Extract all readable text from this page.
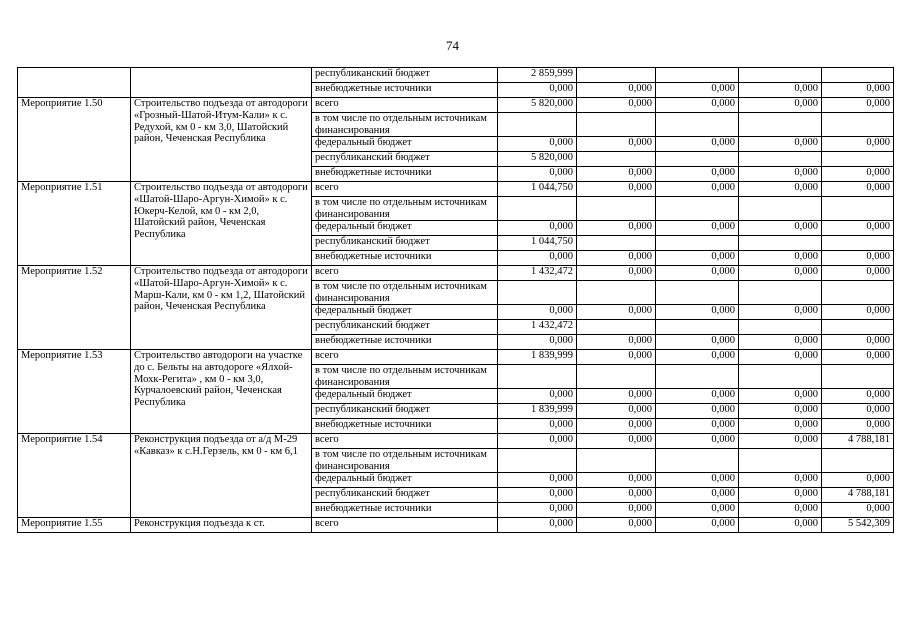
74
		республиканский бюджет	2 859,999				
		внебюджетные источники	0,000	0,000	0,000	0,000	0,000
Мероприятие 1.50	Строительство подъезда от автодороги «Грозный-Шатой-Итум-Кали» к с. Редухой, км 0 - км 3,0, Шатойский район, Чеченская Республика	всего	5 820,000	0,000	0,000	0,000	0,000
		в том числе по отдельным источникам финансирования					
		федеральный бюджет	0,000	0,000	0,000	0,000	0,000
		республиканский бюджет	5 820,000				
		внебюджетные источники	0,000	0,000	0,000	0,000	0,000
Мероприятие 1.51	Строительство подъезда от автодороги «Шатой-Шаро-Аргун-Химой» к с. Юкерч-Келой, км 0 - км 2,0, Шатойский район, Чеченская Республика	всего	1 044,750	0,000	0,000	0,000	0,000
		в том числе по отдельным источникам финансирования					
		федеральный бюджет	0,000	0,000	0,000	0,000	0,000
		республиканский бюджет	1 044,750				
		внебюджетные источники	0,000	0,000	0,000	0,000	0,000
Мероприятие 1.52	Строительство подъезда от автодороги «Шатой-Шаро-Аргун-Химой» к с. Марш-Кали, км 0 - км 1,2, Шатойский район, Чеченская Республика	всего	1 432,472	0,000	0,000	0,000	0,000
		в том числе по отдельным источникам финансирования					
		федеральный бюджет	0,000	0,000	0,000	0,000	0,000
		республиканский бюджет	1 432,472				
		внебюджетные источники	0,000	0,000	0,000	0,000	0,000
Мероприятие 1.53	Строительство автодороги на участке до с. Бельты на автодороге «Ялхой-Мохк-Регита» , км 0 - км 3,0, Курчалоевский район, Чеченская Республика	всего	1 839,999	0,000	0,000	0,000	0,000
		в том числе по отдельным источникам финансирования					
		федеральный бюджет	0,000	0,000	0,000	0,000	0,000
		республиканский бюджет	1 839,999	0,000	0,000	0,000	0,000
		внебюджетные источники	0,000	0,000	0,000	0,000	0,000
Мероприятие 1.54	Реконструкция подъезда от а/д М-29 «Кавказ» к с.Н.Герзель, км 0 - км 6,1	всего	0,000	0,000	0,000	0,000	4 788,181
		в том числе по отдельным источникам финансирования					
		федеральный бюджет	0,000	0,000	0,000	0,000	0,000
		республиканский бюджет	0,000	0,000	0,000	0,000	4 788,181
		внебюджетные источники	0,000	0,000	0,000	0,000	0,000
Мероприятие 1.55	Реконструкция подъезда к ст.	всего	0,000	0,000	0,000	0,000	5 542,309
